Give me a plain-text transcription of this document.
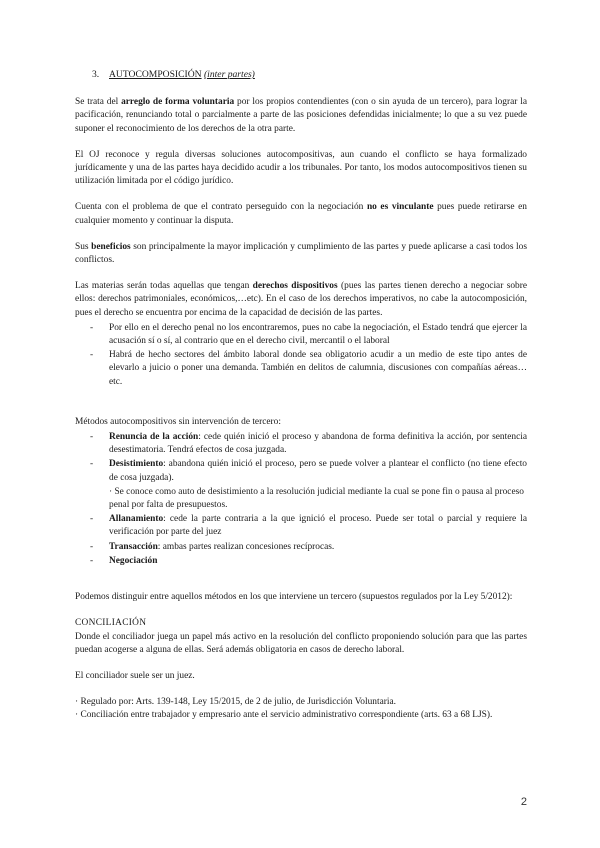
3. AUTOCOMPOSICIÓN (inter partes)

Se trata del arreglo de forma voluntaria por los propios contendientes (con o sin ayuda de un tercero), para lograr la pacificación, renunciando total o parcialmente a parte de las posiciones defendidas inicialmente; lo que a su vez puede suponer el reconocimiento de los derechos de la otra parte.

El OJ reconoce y regula diversas soluciones autocompositivas, aun cuando el conflicto se haya formalizado jurídicamente y una de las partes haya decidido acudir a los tribunales. Por tanto, los modos autocompositivos tienen su utilización limitada por el código jurídico.

Cuenta con el problema de que el contrato perseguido con la negociación no es vinculante pues puede retirarse en cualquier momento y continuar la disputa.

Sus beneficios son principalmente la mayor implicación y cumplimiento de las partes y puede aplicarse a casi todos los conflictos.

Las materias serán todas aquellas que tengan derechos dispositivos (pues las partes tienen derecho a negociar sobre ellos: derechos patrimoniales, económicos,…etc). En el caso de los derechos imperativos, no cabe la autocomposición, pues el derecho se encuentra por encima de la capacidad de decisión de las partes.

- Por ello en el derecho penal no los encontraremos, pues no cabe la negociación, el Estado tendrá que ejercer la acusación sí o sí, al contrario que en el derecho civil, mercantil o el laboral
- Habrá de hecho sectores del ámbito laboral donde sea obligatorio acudir a un medio de este tipo antes de elevarlo a juicio o poner una demanda. También en delitos de calumnia, discusiones con compañías aéreas…etc.

Métodos autocompositivos sin intervención de tercero:

- Renuncia de la acción: cede quién inició el proceso y abandona de forma definitiva la acción, por sentencia desestimatoria. Tendrá efectos de cosa juzgada.
- Desistimiento: abandona quién inició el proceso, pero se puede volver a plantear el conflicto (no tiene efecto de cosa juzgada).
· Se conoce como auto de desistimiento a la resolución judicial mediante la cual se pone fin o pausa al proceso penal por falta de presupuestos.
- Allanamiento: cede la parte contraria a la que ignició el proceso. Puede ser total o parcial y requiere la verificación por parte del juez
- Transacción: ambas partes realizan concesiones recíprocas.
- Negociación

Podemos distinguir entre aquellos métodos en los que interviene un tercero (supuestos regulados por la Ley 5/2012):

CONCILIACIÓN

Donde el conciliador juega un papel más activo en la resolución del conflicto proponiendo solución para que las partes puedan acogerse a alguna de ellas. Será además obligatoria en casos de derecho laboral.

El conciliador suele ser un juez.

· Regulado por: Arts. 139-148, Ley 15/2015, de 2 de julio, de Jurisdicción Voluntaria.
· Conciliación entre trabajador y empresario ante el servicio administrativo correspondiente (arts. 63 a 68 LJS).
2
